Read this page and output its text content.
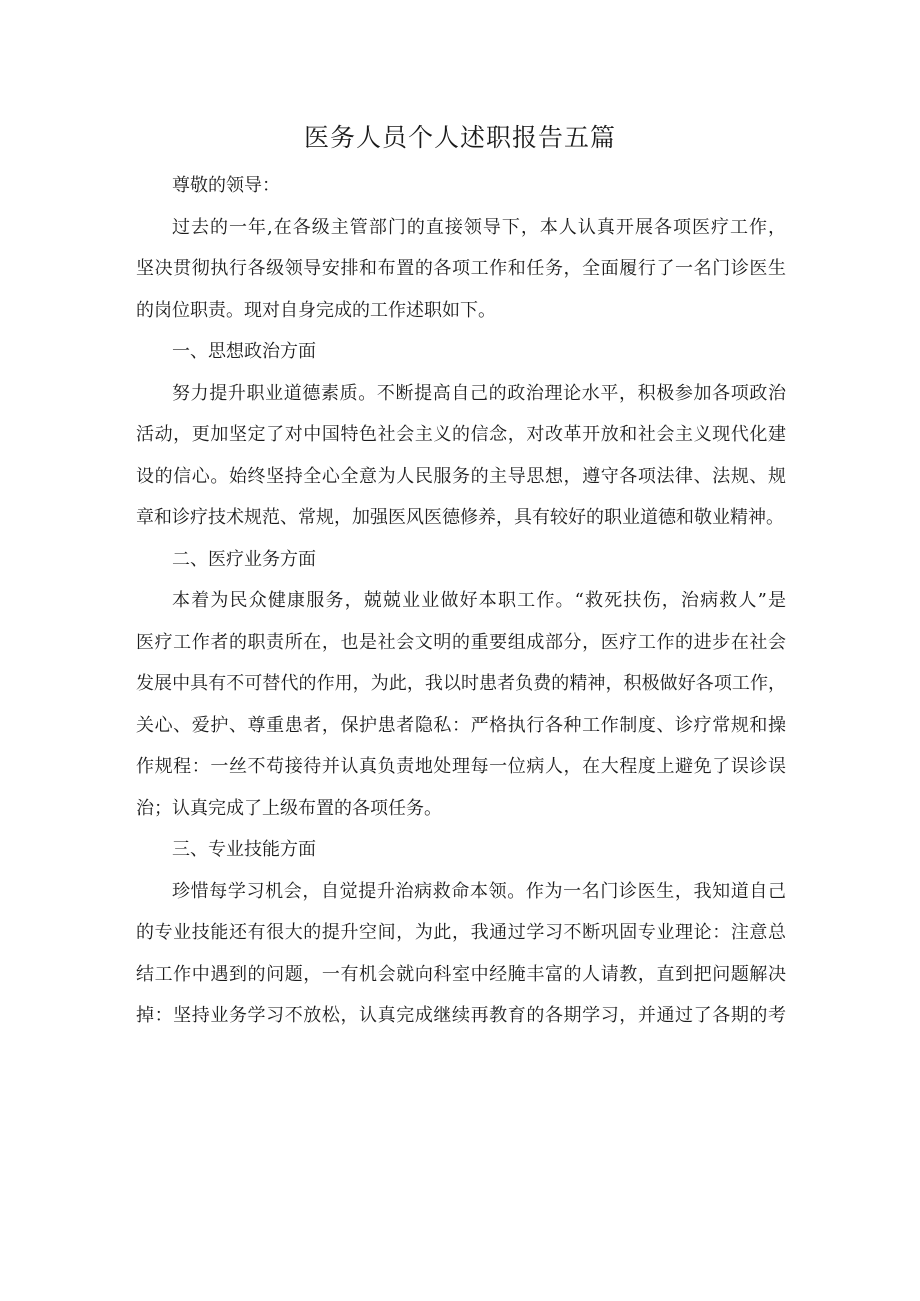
医务人员个人述职报告五篇
尊敬的领导：
过去的一年,在各级主管部门的直接领导下，本人认真开展各项医疗工作，
坚决贯彻执行各级领导安排和布置的各项工作和任务，全面履行了一名门诊医生
的岗位职责。现对自身完成的工作述职如下。
一、思想政治方面
努力提升职业道德素质。不断提高自己的政治理论水平，积极参加各项政治
活动，更加坚定了对中国特色社会主义的信念，对改革开放和社会主义现代化建
设的信心。始终坚持全心全意为人民服务的主导思想，遵守各项法律、法规、规
章和诊疗技术规范、常规，加强医风医德修养，具有较好的职业道德和敬业精神。
二、医疗业务方面
本着为民众健康服务，兢兢业业做好本职工作。“救死扶伤，治病救人”是
医疗工作者的职责所在，也是社会文明的重要组成部分，医疗工作的进步在社会
发展中具有不可替代的作用，为此，我以时患者负费的精神，积极做好各项工作，
关心、爱护、尊重患者，保护患者隐私：严格执行各种工作制度、诊疗常规和操
作规程：一丝不苟接待并认真负责地处理每一位病人，在大程度上避免了误诊误
治；认真完成了上级布置的各项任务。
三、专业技能方面
珍惜每学习机会，自觉提升治病救命本领。作为一名门诊医生，我知道自己
的专业技能还有很大的提升空间，为此，我通过学习不断巩固专业理论：注意总
结工作中遇到的问题，一有机会就向科室中经腌丰富的人请教，直到把问题解决
掉：坚持业务学习不放松，认真完成继续再教育的各期学习，并通过了各期的考
